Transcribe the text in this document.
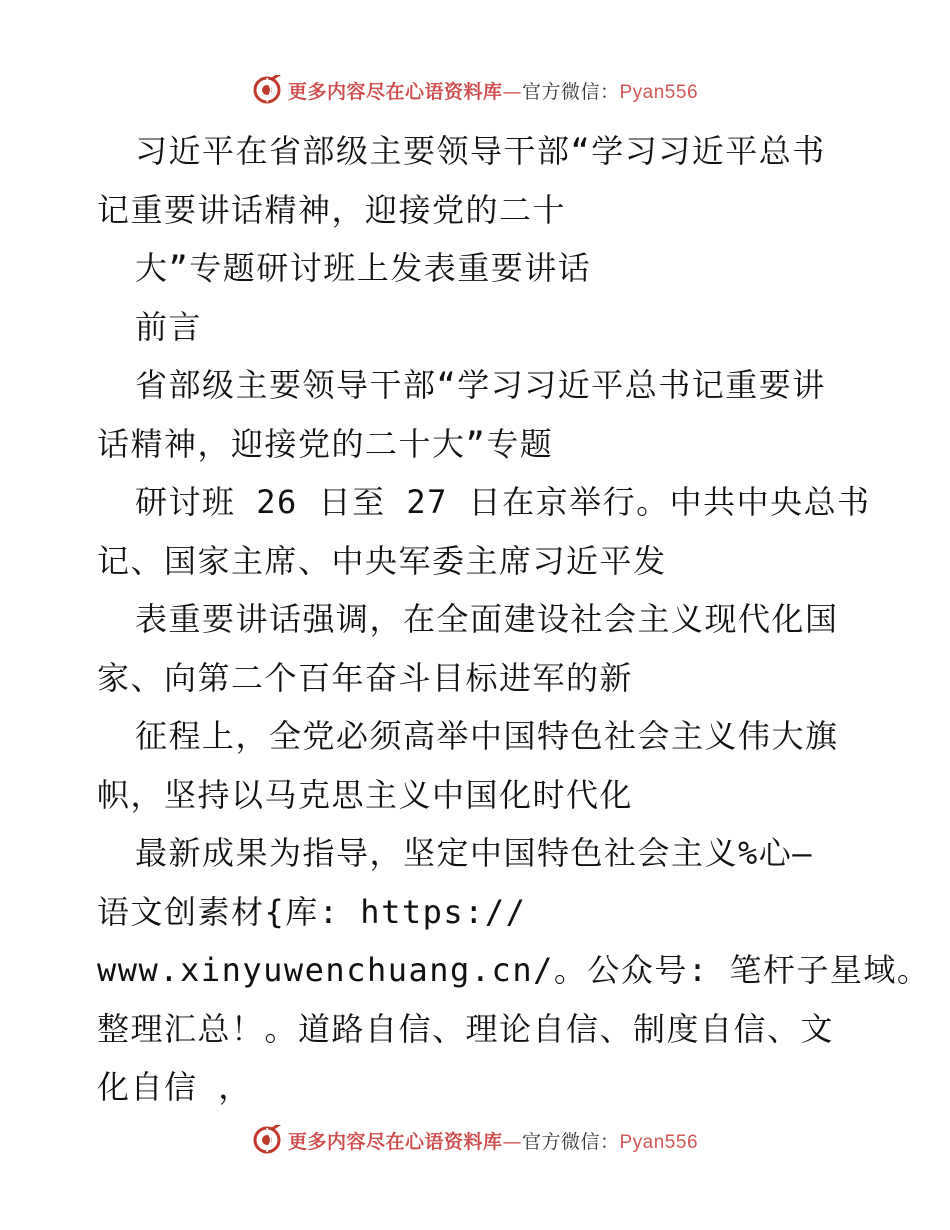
更多内容尽在心语资料库—官方微信：Pyan556
习近平在省部级主要领导干部“学习习近平总书
记重要讲话精神，迎接党的二十
大”专题研讨班上发表重要讲话
前言
省部级主要领导干部“学习习近平总书记重要讲
话精神，迎接党的二十大”专题
研讨班 26 日至 27 日在京举行。中共中央总书
记、国家主席、中央军委主席习近平发
表重要讲话强调，在全面建设社会主义现代化国
家、向第二个百年奋斗目标进军的新
征程上，全党必须高举中国特色社会主义伟大旗
帜，坚持以马克思主义中国化时代化
最新成果为指导，坚定中国特色社会主义%心—
语文创素材{库: https://
www.xinyuwenchuang.cn/。公众号: 笔杆子星域。
整理汇总！。道路自信、理论自信、制度自信、文
化自信 ，
更多内容尽在心语资料库—官方微信：Pyan556
